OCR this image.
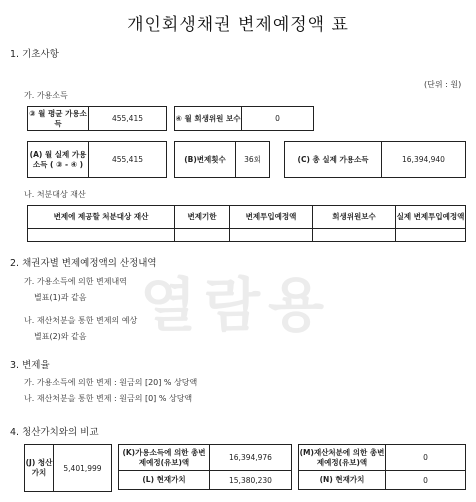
개인회생채권 변제예정액 표
열람용
1. 기초사항
(단위 : 원)
가. 가용소득
③ 월 평균 가용소득	455,415	④ 월 회생위원 보수	0
(A) 월 실제 가용소득 ( ③ - ④ )	455,415	(B)변제횟수	36회	(C) 총 실제 가용소득	16,394,940
나. 처분대상 재산
변제에 제공할 처분대상 재산	변제기한	변제투입예정액	회생위원보수	실제 변제투입예정액

2. 채권자별 변제예정액의 산정내역
가. 가용소득에 의한 변제내역
별표(1)과 같음
나. 재산처분을 통한 변제의 예상
별표(2)와 같음
3. 변제율
가. 가용소득에 의한 변제 : 원금의 [20] % 상당액
나. 재산처분을 통한 변제 : 원금의 [0] % 상당액
4. 청산가치와의 비교
(J) 청산 가치	5,401,999
(K)가용소득에 의한 총변제예정(유보)액	16,394,976
(L) 현재가치	15,380,230
(M)재산처분에 의한 총변제예정(유보)액	0
(N) 현재가치	0
